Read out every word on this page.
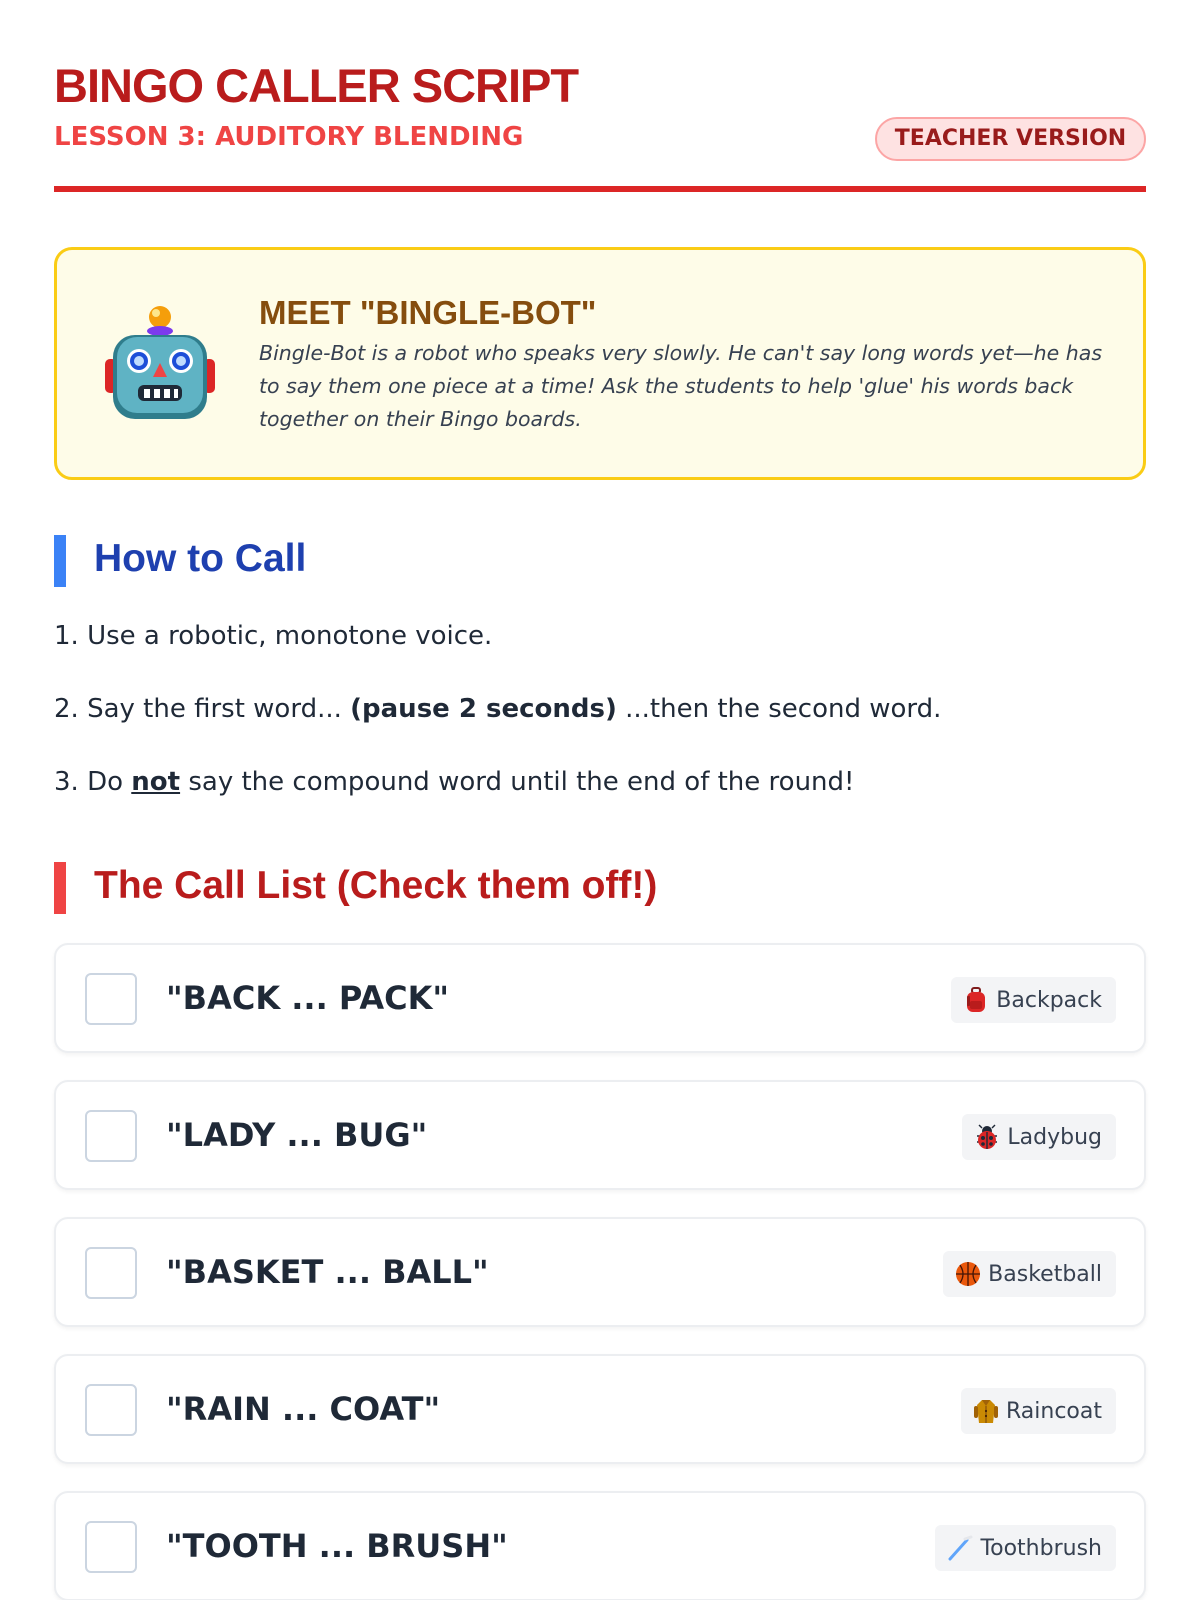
BINGO CALLER SCRIPT

LESSON 3: AUDITORY BLENDING	TEACHER VERSION
MEET "BINGLE-BOT"

Bingle-Bot is a robot who speaks very slowly. He can't say long words yet—he has to say them one piece at a time! Ask the students to help 'glue' his words back together on their Bingo boards.

How to Call
1. Use a robotic, monotone voice.
2. Say the first word... (pause 2 seconds) ...then the second word.
3. Do not say the compound word until the end of the round!
The Call List (Check them off!)
"BACK ... PACK"	Backpack
"LADY ... BUG"	Ladybug
"BASKET ... BALL"	Basketball
"RAIN ... COAT"	Raincoat
"TOOTH ... BRUSH"	Toothbrush
